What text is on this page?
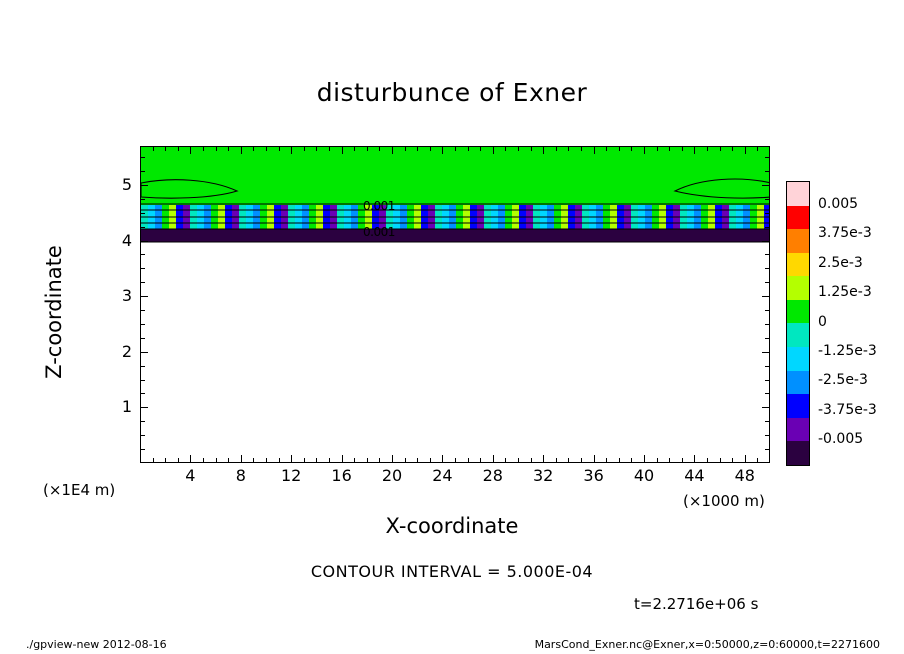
disturbunce of Exner
0.001
0.001
(×1000 m)
(×1E4 m)
X-coordinate
Z-coordinate
CONTOUR INTERVAL = 5.000E-04
t=2.2716e+06 s
./gpview-new 2012-08-16	MarsCond_Exner.nc@Exner,x=0:50000,z=0:60000,t=2271600
4	8	12	16	20	24	28	32	36	40	44	48
1
2
3
4
5
0.005
3.75e-3
2.5e-3
1.25e-3
0
-1.25e-3
-2.5e-3
-3.75e-3
-0.005
